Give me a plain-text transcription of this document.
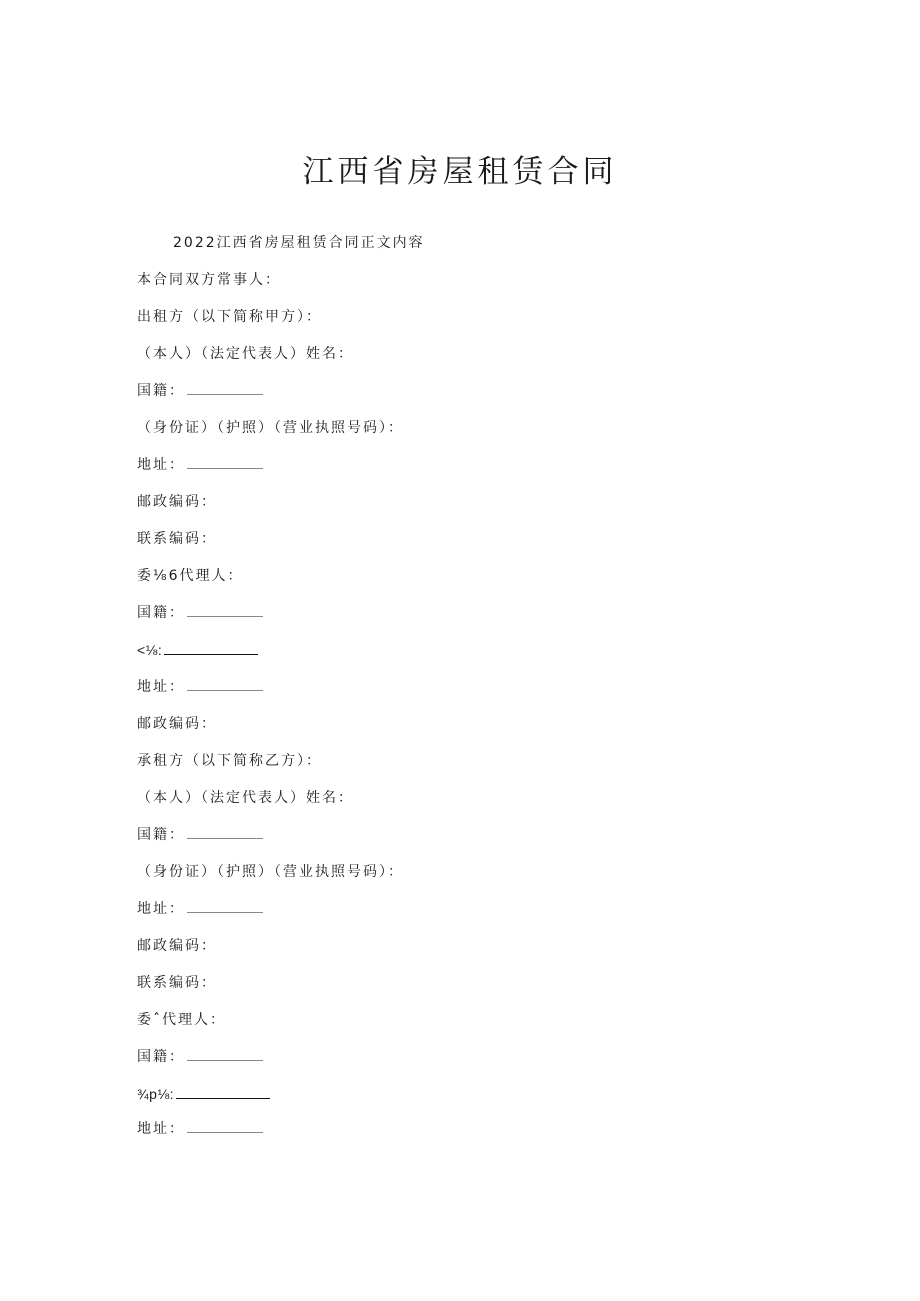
江西省房屋租赁合同
2022江西省房屋租赁合同正文内容
本合同双方常事人：
出租方（以下简称甲方）：
（本人）（法定代表人）姓名：
国籍：
（身份证）（护照）（营业执照号码）：
地址：
邮政编码：
联系编码：
委⅛6代理人：
国籍：
<⅛:
地址：
邮政编码：
承租方（以下简称乙方）：
（本人）（法定代表人）姓名：
国籍：
（身份证）（护照）（营业执照号码）：
地址：
邮政编码：
联系编码：
委ˆ代理人：
国籍：
¾p⅛:
地址：
